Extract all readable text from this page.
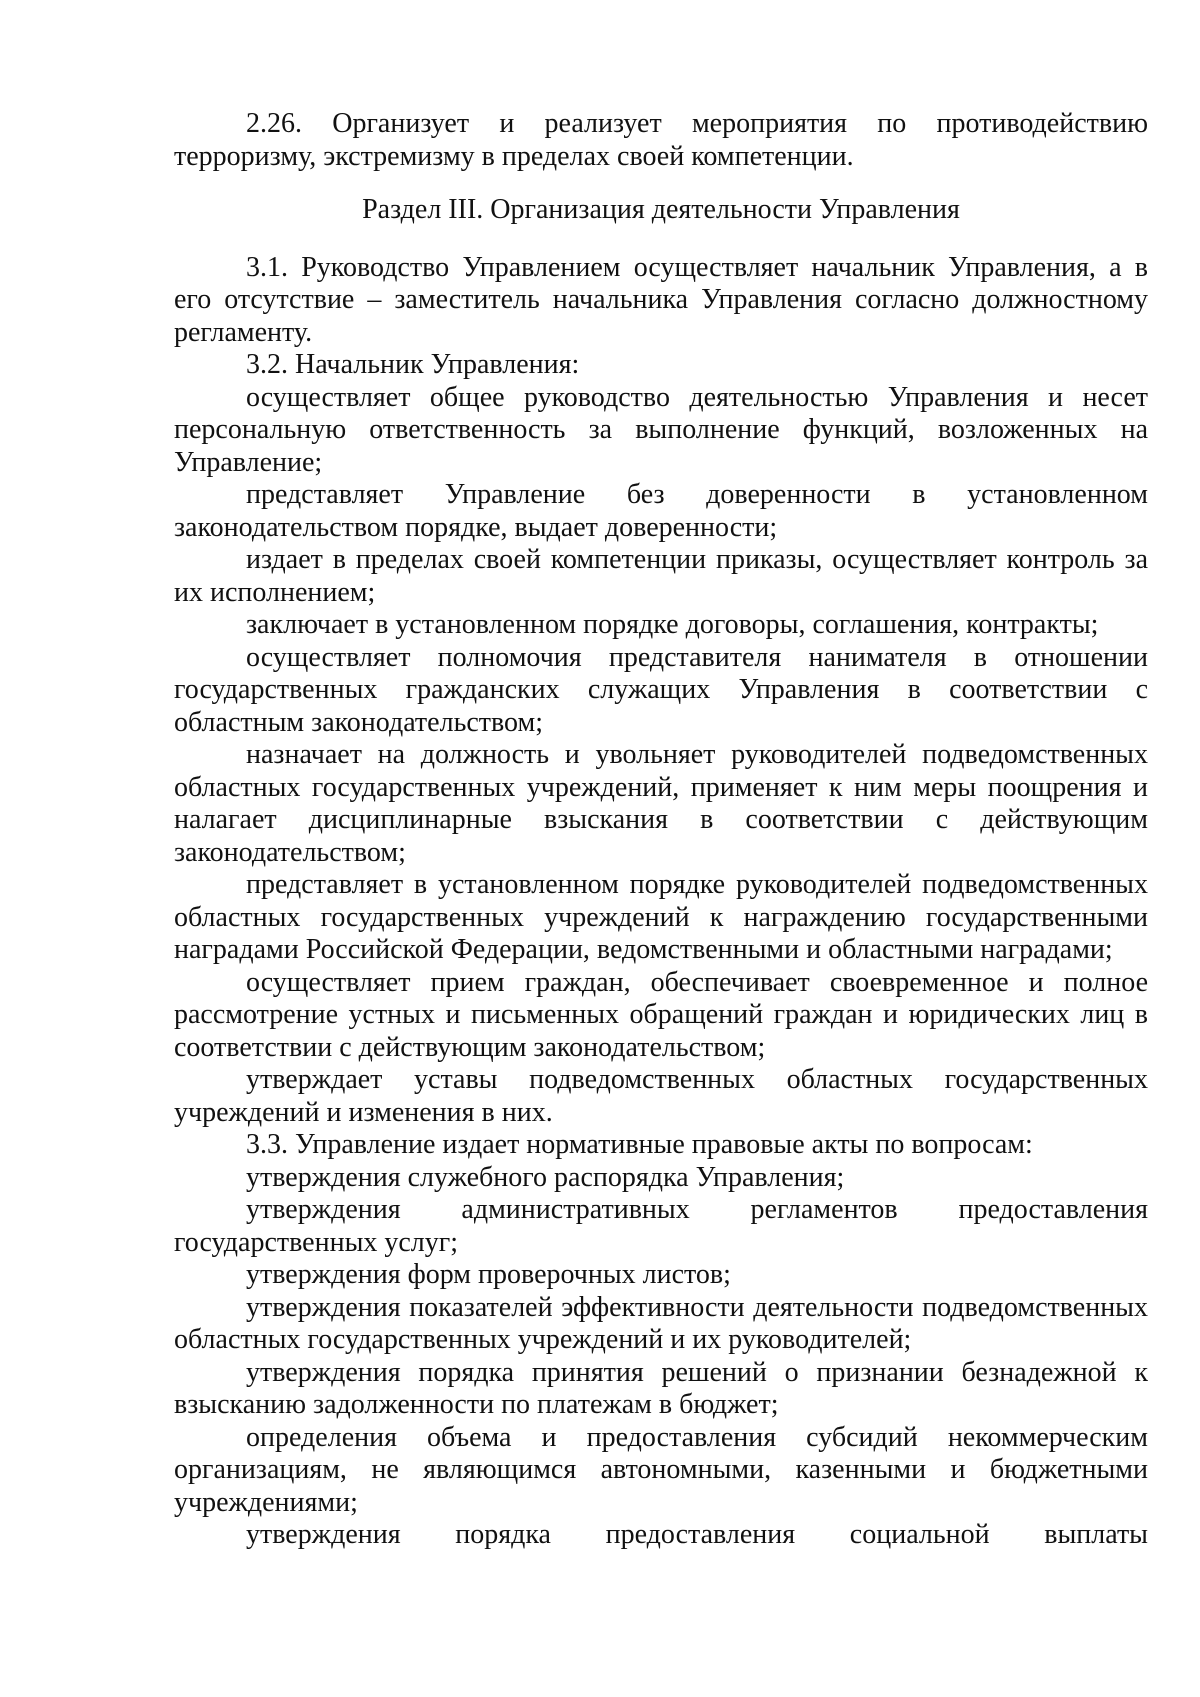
2.26. Организует и реализует мероприятия по противодействию терроризму, экстремизму в пределах своей компетенции.

Раздел III. Организация деятельности Управления

3.1. Руководство Управлением осуществляет начальник Управления, а в его отсутствие – заместитель начальника Управления согласно должностному регламенту.

3.2. Начальник Управления:

осуществляет общее руководство деятельностью Управления и несет персональную ответственность за выполнение функций, возложенных на Управление;

представляет Управление без доверенности в установленном законодательством порядке, выдает доверенности;

издает в пределах своей компетенции приказы, осуществляет контроль за их исполнением;

заключает в установленном порядке договоры, соглашения, контракты;

осуществляет полномочия представителя нанимателя в отношении государственных гражданских служащих Управления в соответствии с областным законодательством;

назначает на должность и увольняет руководителей подведомственных областных государственных учреждений, применяет к ним меры поощрения и налагает дисциплинарные взыскания в соответствии с действующим законодательством;

представляет в установленном порядке руководителей подведомственных областных государственных учреждений к награждению государственными наградами Российской Федерации, ведомственными и областными наградами;

осуществляет прием граждан, обеспечивает своевременное и полное рассмотрение устных и письменных обращений граждан и юридических лиц в соответствии с действующим законодательством;

утверждает уставы подведомственных областных государственных учреждений и изменения в них.

3.3. Управление издает нормативные правовые акты по вопросам:

утверждения служебного распорядка Управления;

утверждения административных регламентов предоставления государственных услуг;

утверждения форм проверочных листов;

утверждения показателей эффективности деятельности подведомственных областных государственных учреждений и их руководителей;

утверждения порядка принятия решений о признании безнадежной к взысканию задолженности по платежам в бюджет;

определения объема и предоставления субсидий некоммерческим организациям, не являющимся автономными, казенными и бюджетными учреждениями;

утверждения порядка предоставления социальной выплаты
